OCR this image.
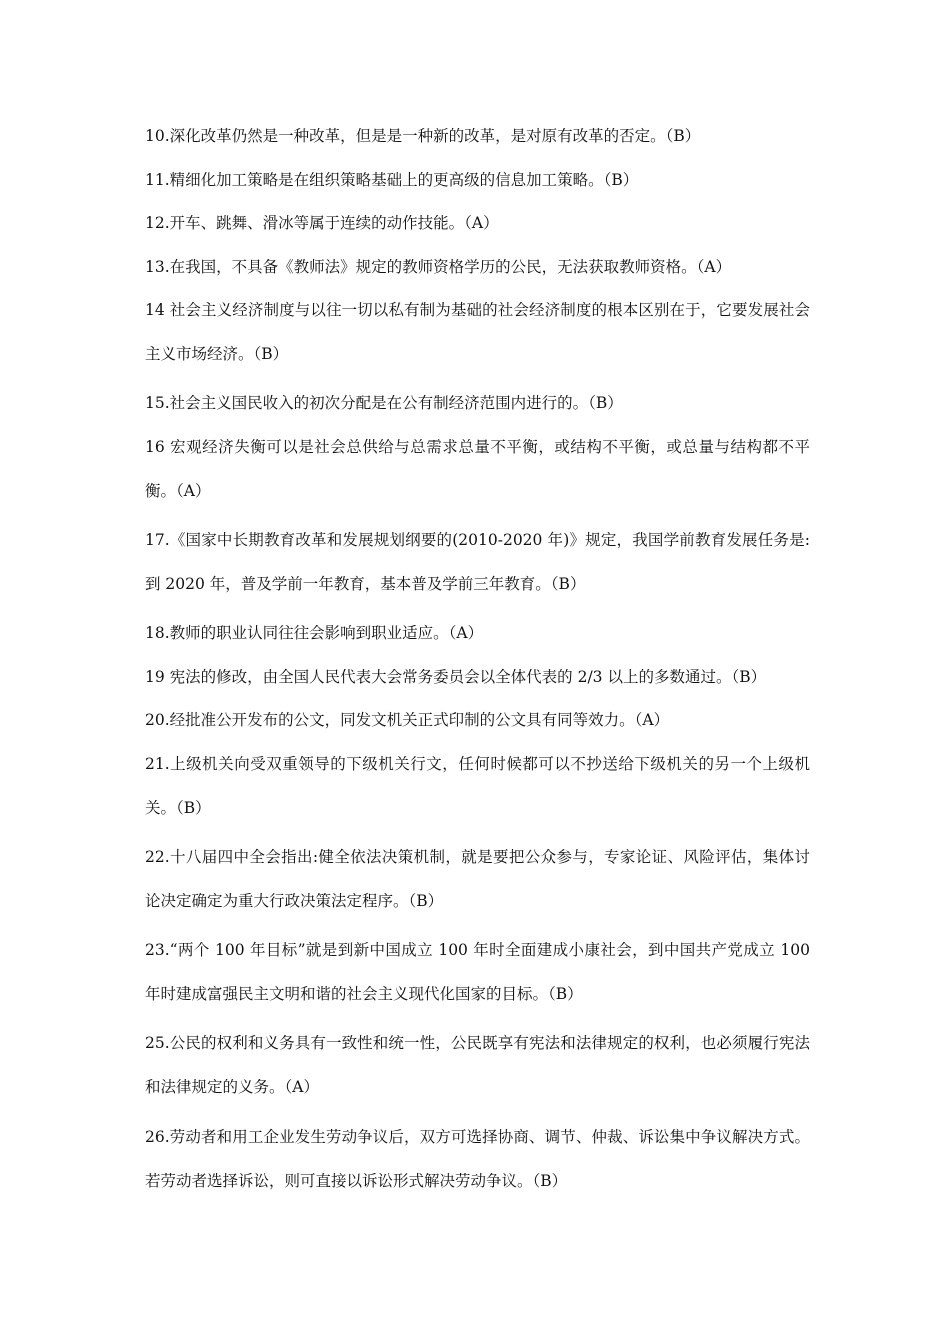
10.深化改革仍然是一种改革，但是是一种新的改革，是对原有改革的否定。（B）

11.精细化加工策略是在组织策略基础上的更高级的信息加工策略。（B）

12.开车、跳舞、滑冰等属于连续的动作技能。（A）

13.在我国，不具备《教师法》规定的教师资格学历的公民，无法获取教师资格。（A）

14 社会主义经济制度与以往一切以私有制为基础的社会经济制度的根本区别在于，它要发展社会主义市场经济。（B）

15.社会主义国民收入的初次分配是在公有制经济范围内进行的。（B）

16 宏观经济失衡可以是社会总供给与总需求总量不平衡，或结构不平衡，或总量与结构都不平衡。（A）

17.《国家中长期教育改革和发展规划纲要的(2010-2020 年)》规定，我国学前教育发展任务是:到 2020 年，普及学前一年教育，基本普及学前三年教育。（B）

18.教师的职业认同往往会影响到职业适应。（A）

19 宪法的修改，由全国人民代表大会常务委员会以全体代表的 2/3 以上的多数通过。（B）

20.经批准公开发布的公文，同发文机关正式印制的公文具有同等效力。（A）

21.上级机关向受双重领导的下级机关行文，任何时候都可以不抄送给下级机关的另一个上级机关。（B）

22.十八届四中全会指出:健全依法决策机制，就是要把公众参与，专家论证、风险评估，集体讨论决定确定为重大行政决策法定程序。（B）

23.“两个 100 年目标”就是到新中国成立 100 年时全面建成小康社会，到中国共产党成立 100 年时建成富强民主文明和谐的社会主义现代化国家的目标。（B）

25.公民的权利和义务具有一致性和统一性，公民既享有宪法和法律规定的权利，也必须履行宪法和法律规定的义务。（A）

26.劳动者和用工企业发生劳动争议后，双方可选择协商、调节、仲裁、诉讼集中争议解决方式。若劳动者选择诉讼，则可直接以诉讼形式解决劳动争议。（B）
